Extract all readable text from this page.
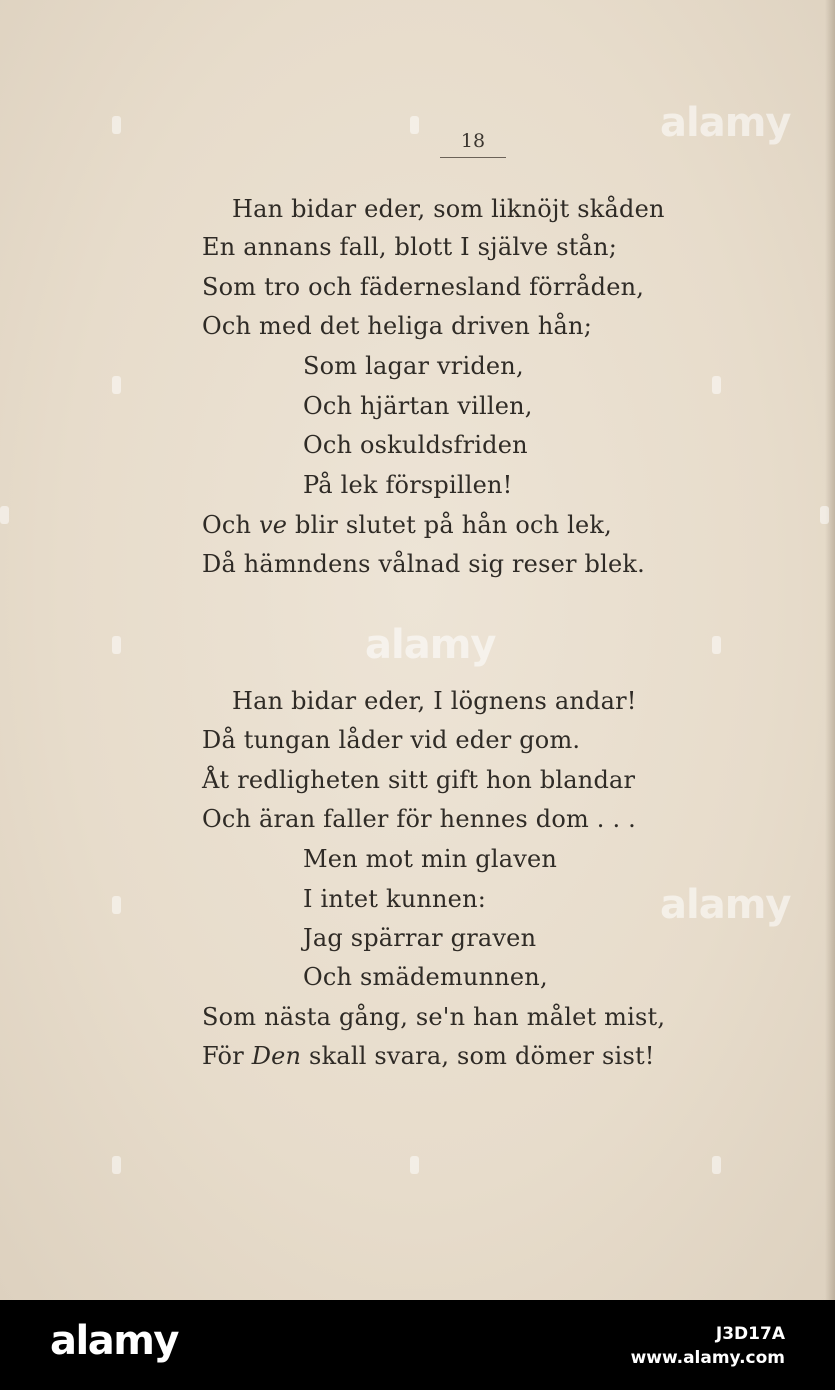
18	alamy
alamy
alamy
Han bidar eder, som liknöjt skåden
En annans fall, blott I själve stån;
Som tro och fädernesland förråden,
Och med det heliga driven hån;
Som lagar vriden,
Och hjärtan villen,
Och oskuldsfriden
På lek förspillen!
Och ve blir slutet på hån och lek,
Då hämndens vålnad sig reser blek.
Han bidar eder, I lögnens andar!
Då tungan låder vid eder gom.
Åt redligheten sitt gift hon blandar
Och äran faller för hennes dom . . .
Men mot min glaven
I intet kunnen:
Jag spärrar graven
Och smädemunnen,
Som nästa gång, se'n han målet mist,
För Den skall svara, som dömer sist!
alamy	J3D17A
www.alamy.com
